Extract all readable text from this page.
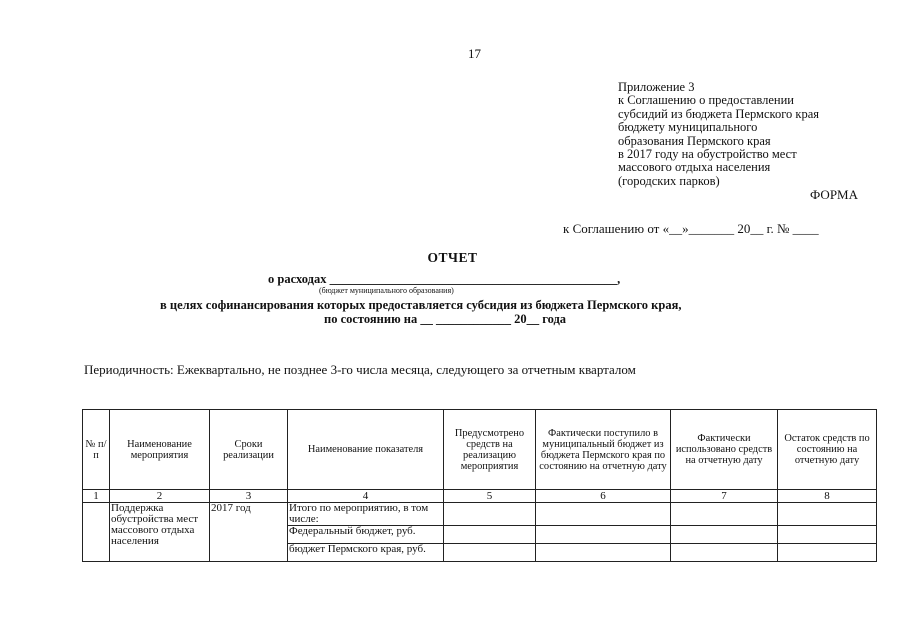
17
Приложение 3
к Соглашению о предоставлении
субсидий из бюджета Пермского края
бюджету муниципального
образования Пермского края
в 2017 году на обустройство мест
массового отдыха населения
(городских парков)
ФОРМА
к Соглашению от «__»_______ 20__ г. № ____
ОТЧЕТ
о расходах ______________________________________________,
(бюджет муниципального образования)
в целях софинансирования которых предоставляется субсидия из бюджета Пермского края,
по состоянию на __ ____________ 20__ года
Периодичность: Ежеквартально, не позднее 3-го числа месяца, следующего за отчетным кварталом
№ п/п	Наименование мероприятия	Сроки реализации	Наименование показателя	Предусмотрено средств на реализацию мероприятия	Фактически поступило в муниципальный бюджет из бюджета Пермского края по состоянию на отчетную дату	Фактически использовано средств на отчетную дату	Остаток средств по состоянию на отчетную дату
1	2	3	4	5	6	7	8
	Поддержка обустройства мест массового отдыха населения	2017 год	Итого по мероприятию, в том числе:				
			Федеральный бюджет, руб.				
			бюджет Пермского края, руб.				
